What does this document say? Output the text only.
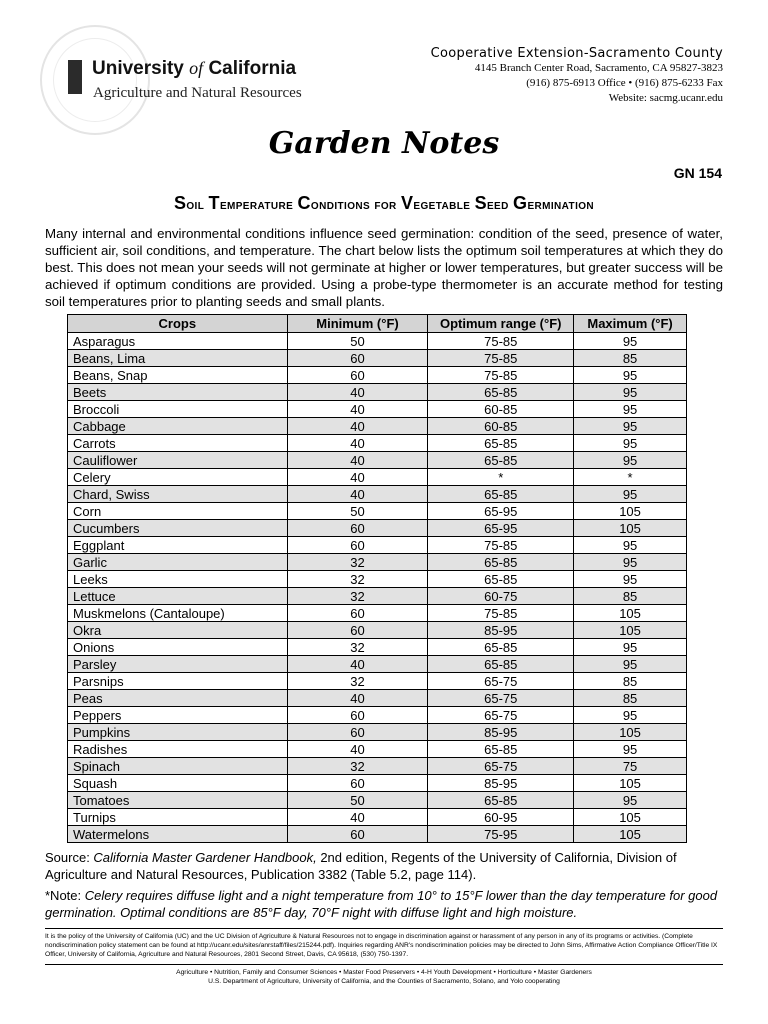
University of California
Agriculture and Natural Resources
Cooperative Extension-Sacramento County
4145 Branch Center Road, Sacramento, CA 95827-3823
(916) 875-6913 Office • (916) 875-6233 Fax
Website: sacmg.ucanr.edu
Garden Notes
GN 154
Soil Temperature Conditions for Vegetable Seed Germination
Many internal and environmental conditions influence seed germination: condition of the seed, presence of water, sufficient air, soil conditions, and temperature. The chart below lists the optimum soil temperatures at which they do best. This does not mean your seeds will not germinate at higher or lower temperatures, but greater success will be achieved if optimum conditions are provided. Using a probe-type thermometer is an accurate method for testing soil temperatures prior to planting seeds and small plants.
Crops	Minimum (°F)	Optimum range (°F)	Maximum (°F)
Asparagus	50	75-85	95
Beans, Lima	60	75-85	85
Beans, Snap	60	75-85	95
Beets	40	65-85	95
Broccoli	40	60-85	95
Cabbage	40	60-85	95
Carrots	40	65-85	95
Cauliflower	40	65-85	95
Celery	40	*	*
Chard, Swiss	40	65-85	95
Corn	50	65-95	105
Cucumbers	60	65-95	105
Eggplant	60	75-85	95
Garlic	32	65-85	95
Leeks	32	65-85	95
Lettuce	32	60-75	85
Muskmelons (Cantaloupe)	60	75-85	105
Okra	60	85-95	105
Onions	32	65-85	95
Parsley	40	65-85	95
Parsnips	32	65-75	85
Peas	40	65-75	85
Peppers	60	65-75	95
Pumpkins	60	85-95	105
Radishes	40	65-85	95
Spinach	32	65-75	75
Squash	60	85-95	105
Tomatoes	50	65-85	95
Turnips	40	60-95	105
Watermelons	60	75-95	105
Source: California Master Gardener Handbook, 2nd edition, Regents of the University of California, Division of Agriculture and Natural Resources, Publication 3382 (Table 5.2, page 114).
*Note: Celery requires diffuse light and a night temperature from 10° to 15°F lower than the day temperature for good germination. Optimal conditions are 85°F day, 70°F night with diffuse light and high moisture.
It is the policy of the University of California (UC) and the UC Division of Agriculture & Natural Resources not to engage in discrimination against or harassment of any person in any of its programs or activities. (Complete nondiscrimination policy statement can be found at http://ucanr.edu/sites/anrstaff/files/215244.pdf). Inquiries regarding ANR's nondiscrimination policies may be directed to John Sims, Affirmative Action Compliance Officer/Title IX Officer, University of California, Agriculture and Natural Resources, 2801 Second Street, Davis, CA 95618, (530) 750-1397.
Agriculture • Nutrition, Family and Consumer Sciences • Master Food Preservers • 4-H Youth Development • Horticulture • Master Gardeners
U.S. Department of Agriculture, University of California, and the Counties of Sacramento, Solano, and Yolo cooperating
